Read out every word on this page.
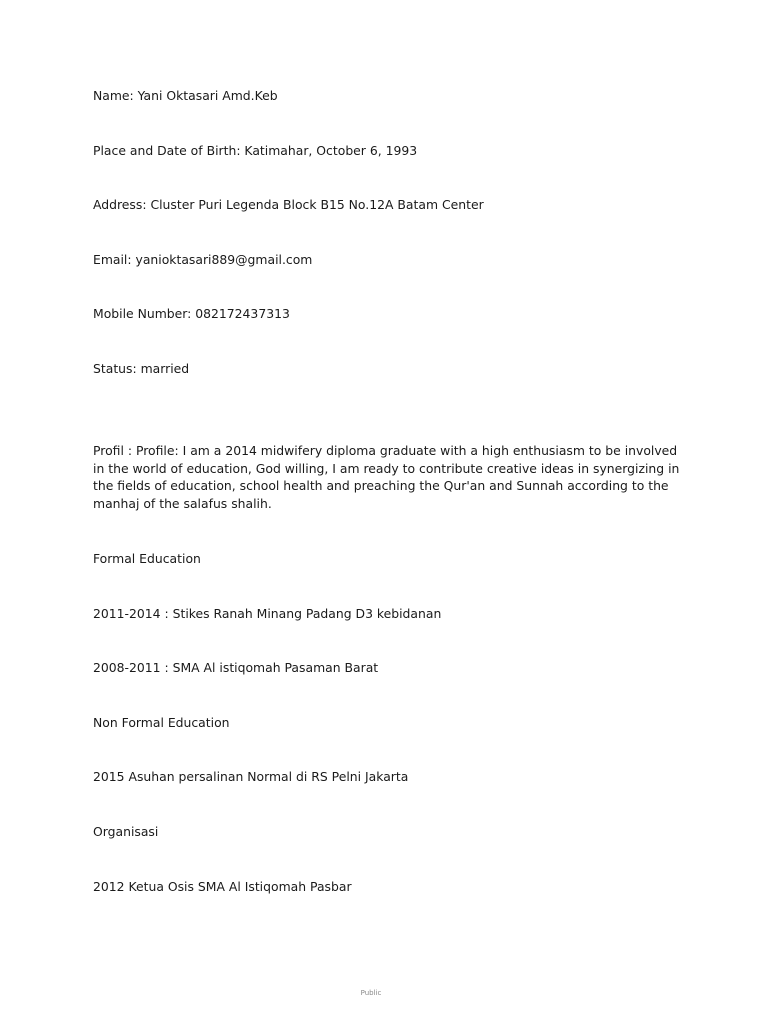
Name: Yani Oktasari Amd.Keb
Place and Date of Birth: Katimahar, October 6, 1993
Address: Cluster Puri Legenda Block B15 No.12A Batam Center
Email: yanioktasari889@gmail.com
Mobile Number: 082172437313
Status: married
Profil : Profile: I am a 2014 midwifery diploma graduate with a high enthusiasm to be involved in the world of education, God willing, I am ready to contribute creative ideas in synergizing in the fields of education, school health and preaching the Qur'an and Sunnah according to the manhaj of the salafus shalih.
Formal Education
2011-2014 : Stikes Ranah Minang Padang D3 kebidanan
2008-2011 : SMA Al istiqomah Pasaman Barat
Non Formal Education
2015 Asuhan persalinan Normal di RS Pelni Jakarta
Organisasi
2012 Ketua Osis SMA Al Istiqomah Pasbar
Public
